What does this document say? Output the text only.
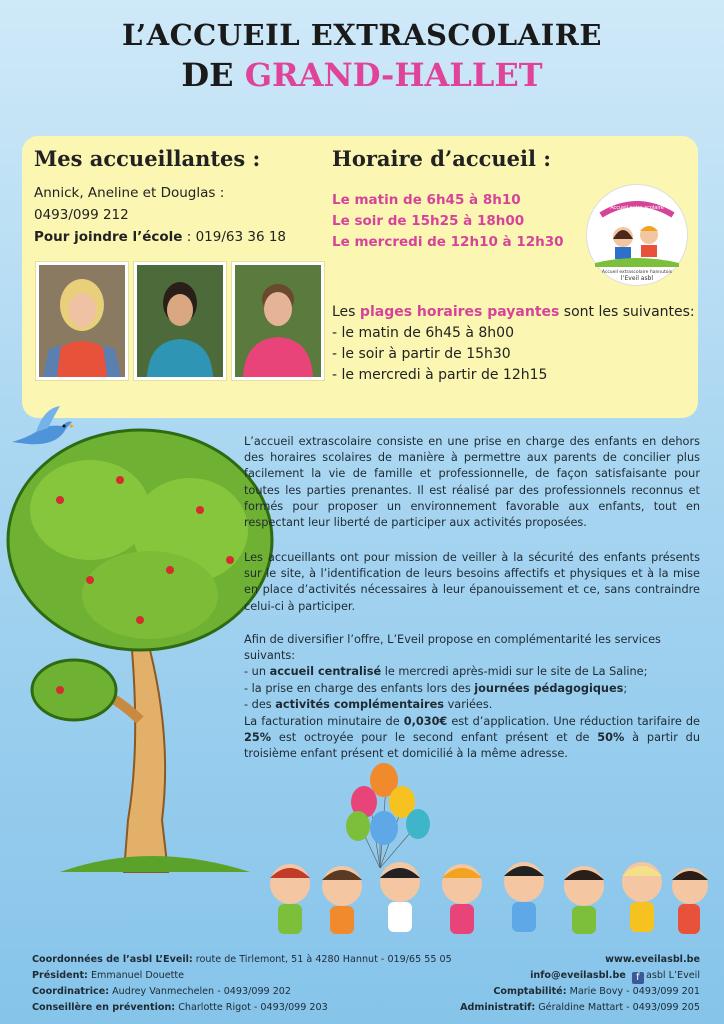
L’ACCUEIL EXTRASCOLAIRE
DE GRAND-HALLET
Mes accueillantes :
Annick, Aneline et Douglas :
0493/099 212
Pour joindre l’école : 019/63 36 18
Horaire d’accueil :
Le matin de 6h45 à 8h10
Le soir de 15h25 à 18h00
Le mercredi de 12h10 à 12h30
Accueil extra-scolaire
Accueil extrascolaire hannutois
l’Eveil asbl
Les plages horaires payantes sont les suivantes:
- le matin de 6h45 à 8h00
- le soir à partir de 15h30
- le mercredi à partir de 12h15
L’accueil extrascolaire consiste en une prise en charge des enfants en dehors des horaires scolaires de manière à permettre aux parents de concilier plus facilement la vie de famille et professionnelle, de façon satisfaisante pour toutes les parties prenantes. Il est réalisé par des professionnels reconnus et formés pour proposer un environnement favorable aux enfants, tout en respectant leur liberté de participer aux activités proposées.
Les accueillants ont pour mission de veiller à la sécurité des enfants présents sur le site, à l’identification de leurs besoins affectifs et physiques et à la mise en place d’activités nécessaires à leur épanouissement et ce, sans contraindre celui-ci à participer.
Afin de diversifier l’offre, L’Eveil propose en complémentarité les services suivants:
- un accueil centralisé le mercredi après-midi sur le site de La Saline;
- la prise en charge des enfants lors des journées pédagogiques;
- des activités complémentaires variées.
La facturation minutaire de 0,030€ est d’application. Une réduction tarifaire de 25% est octroyée pour le second enfant présent et de 50% à partir du troisième enfant présent et domicilié à la même adresse.
Coordonnées de l’asbl L’Eveil: route de Tirlemont, 51 à 4280 Hannut - 019/65 55 05
Président: Emmanuel Douette
Coordinatrice: Audrey Vanmechelen - 0493/099 202
Conseillère en prévention: Charlotte Rigot - 0493/099 203
www.eveilasbl.be
info@eveilasbl.be f asbl L’Eveil
Comptabilité: Marie Bovy - 0493/099 201
Administratif: Géraldine Mattart - 0493/099 205
